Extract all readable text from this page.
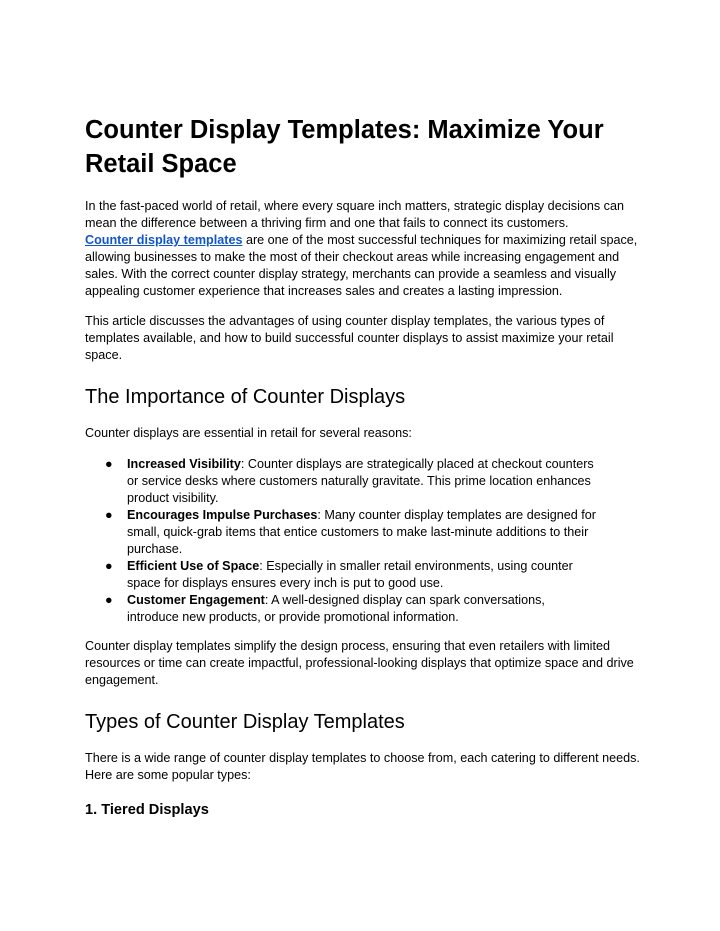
Counter Display Templates: Maximize Your Retail Space

In the fast-paced world of retail, where every square inch matters, strategic display decisions can mean the difference between a thriving firm and one that fails to connect its customers.
Counter display templates are one of the most successful techniques for maximizing retail space, allowing businesses to make the most of their checkout areas while increasing engagement and sales. With the correct counter display strategy, merchants can provide a seamless and visually appealing customer experience that increases sales and creates a lasting impression.

This article discusses the advantages of using counter display templates, the various types of templates available, and how to build successful counter displays to assist maximize your retail space.

The Importance of Counter Displays

Counter displays are essential in retail for several reasons:

● Increased Visibility: Counter displays are strategically placed at checkout counters or service desks where customers naturally gravitate. This prime location enhances product visibility.
● Encourages Impulse Purchases: Many counter display templates are designed for small, quick-grab items that entice customers to make last-minute additions to their purchase.
● Efficient Use of Space: Especially in smaller retail environments, using counter space for displays ensures every inch is put to good use.
● Customer Engagement: A well-designed display can spark conversations, introduce new products, or provide promotional information.

Counter display templates simplify the design process, ensuring that even retailers with limited resources or time can create impactful, professional-looking displays that optimize space and drive engagement.

Types of Counter Display Templates

There is a wide range of counter display templates to choose from, each catering to different needs. Here are some popular types:

1. Tiered Displays
